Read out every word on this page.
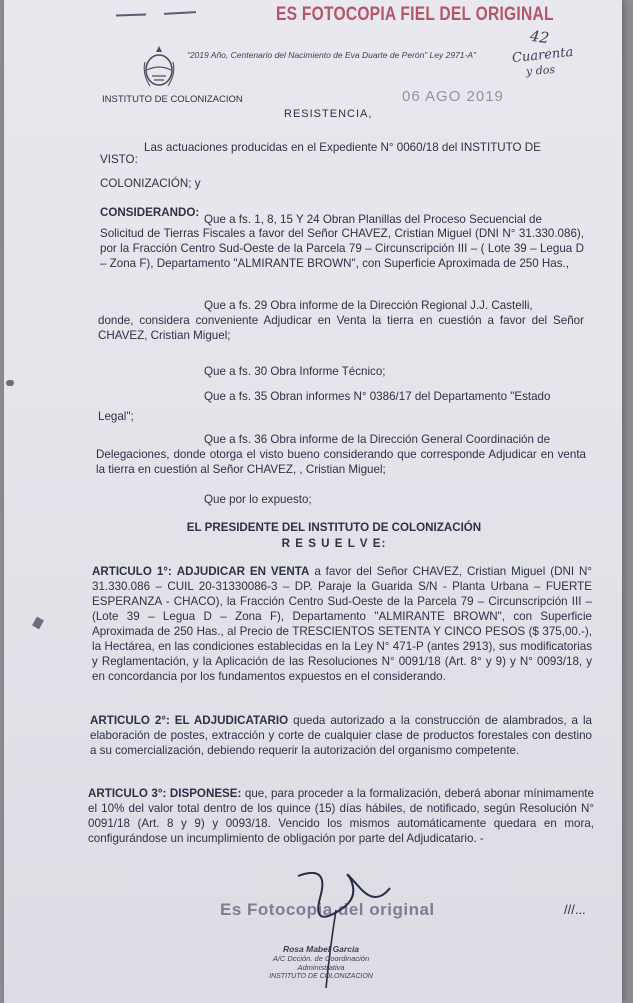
ES FOTOCOPIA FIEL DEL ORIGINAL
“2019 Año, Centenario del Nacimiento de Eva Duarte de Perón” Ley 2971-A”
42
Cuarenta
y dos
INSTITUTO DE COLONIZACION	06 AGO 2019
RESISTENCIA,
VISTO:
Las actuaciones producidas en el Expediente N° 0060/18 del INSTITUTO DE
COLONIZACIÓN; y
CONSIDERANDO:
Que a fs. 1, 8, 15 Y 24 Obran Planillas del Proceso Secuencial de
Solicitud de Tierras Fiscales a favor del Señor CHAVEZ, Cristian Miguel (DNI N° 31.330.086), por la Fracción Centro Sud-Oeste de la Parcela 79 – Circunscripción III – ( Lote 39 – Legua D – Zona F), Departamento "ALMIRANTE BROWN", con Superficie Aproximada de 250 Has.,
Que a fs. 29 Obra informe de la Dirección Regional J.J. Castelli,
donde, considera conveniente Adjudicar en Venta la tierra en cuestión a favor del Señor CHAVEZ, Cristian Miguel;
Que a fs. 30 Obra Informe Técnico;
Que a fs. 35 Obran informes N° 0386/17 del Departamento "Estado
Legal";
Que a fs. 36 Obra informe de la Dirección General Coordinación de
Delegaciones, donde otorga el visto bueno considerando que corresponde Adjudicar en venta la tierra en cuestión al Señor CHAVEZ, , Cristian Miguel;
Que por lo expuesto;
EL PRESIDENTE DEL INSTITUTO DE COLONIZACIÓN
R E S U E L V E:
ARTICULO 1°: ADJUDICAR EN VENTA a favor del Señor CHAVEZ, Cristian Miguel (DNI N° 31.330.086 – CUIL 20-31330086-3 – DP. Paraje la Guarida S/N - Planta Urbana – FUERTE ESPERANZA - CHACO), la Fracción Centro Sud-Oeste de la Parcela 79 – Circunscripción III – (Lote 39 – Legua D – Zona F), Departamento "ALMIRANTE BROWN", con Superficie Aproximada de 250 Has., al Precio de TRESCIENTOS SETENTA Y CINCO PESOS ($ 375,00.-), la Hectárea, en las condiciones establecidas en la Ley N° 471-P (antes 2913), sus modificatorias y Reglamentación, y la Aplicación de las Resoluciones N° 0091/18 (Art. 8° y 9) y N° 0093/18, y en concordancia por los fundamentos expuestos en el considerando.
ARTICULO 2°: EL ADJUDICATARIO queda autorizado a la construcción de alambrados, a la elaboración de postes, extracción y corte de cualquier clase de productos forestales con destino a su comercialización, debiendo requerir la autorización del organismo competente.
ARTICULO 3°: DISPONESE: que, para proceder a la formalización, deberá abonar mínimamente el 10% del valor total dentro de los quince (15) días hábiles, de notificado, según Resolución N° 0091/18 (Art. 8 y 9) y 0093/18. Vencido los mismos automáticamente quedara en mora, configurándose un incumplimiento de obligación por parte del Adjudicatario. -
Es Fotocopia del original	///...
Rosa Mabel Garcia
A/C Dcción. de Coordinación
Administrativa
INSTITUTO DE COLONIZACION
